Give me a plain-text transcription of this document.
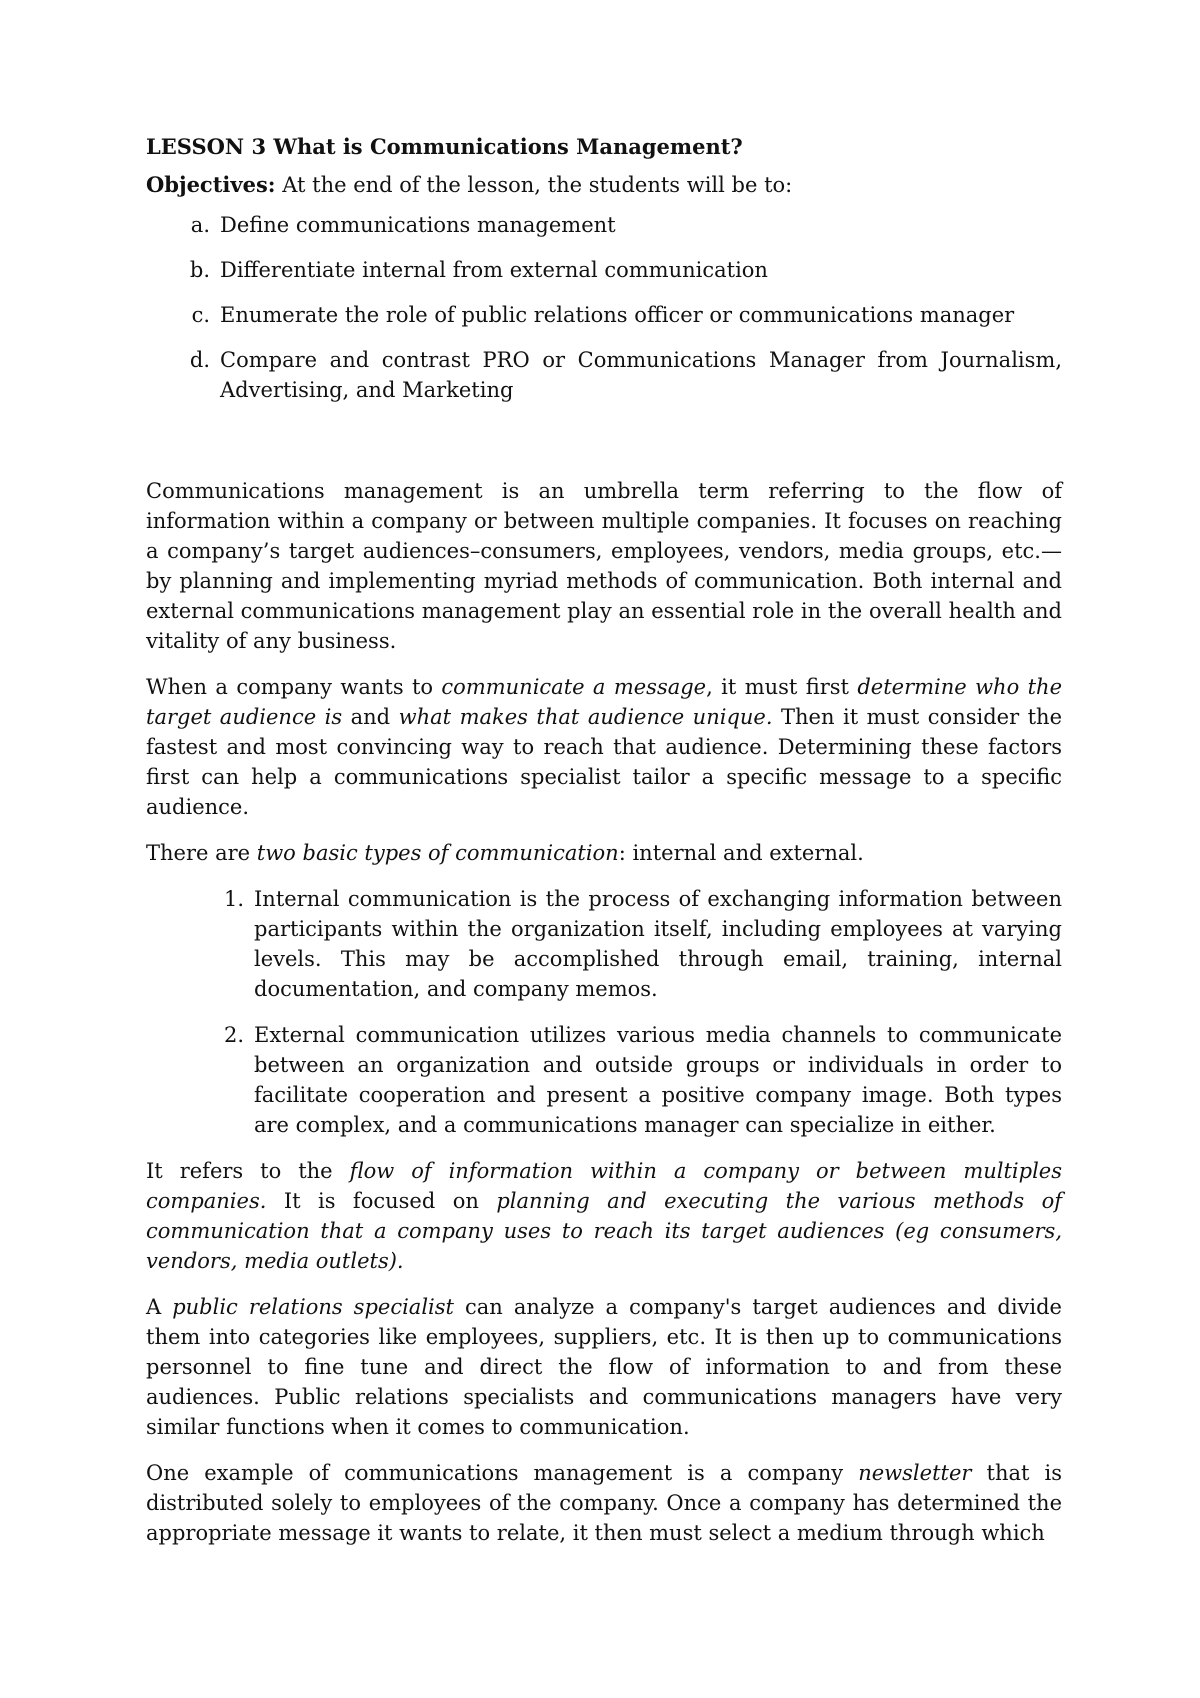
LESSON 3 What is Communications Management?
Objectives: At the end of the lesson, the students will be to:
a. Define communications management
b. Differentiate internal from external communication
c. Enumerate the role of public relations officer or communications manager
d. Compare and contrast PRO or Communications Manager from Journalism, Advertising, and Marketing

Communications management is an umbrella term referring to the flow of information within a company or between multiple companies. It focuses on reaching a company’s target audiences–consumers, employees, vendors, media groups, etc.—by planning and implementing myriad methods of communication. Both internal and external communications management play an essential role in the overall health and vitality of any business.

When a company wants to communicate a message, it must first determine who the target audience is and what makes that audience unique. Then it must consider the fastest and most convincing way to reach that audience. Determining these factors first can help a communications specialist tailor a specific message to a specific audience.

There are two basic types of communication: internal and external.

1. Internal communication is the process of exchanging information between participants within the organization itself, including employees at varying levels. This may be accomplished through email, training, internal documentation, and company memos.
2. External communication utilizes various media channels to communicate between an organization and outside groups or individuals in order to facilitate cooperation and present a positive company image. Both types are complex, and a communications manager can specialize in either.

It refers to the flow of information within a company or between multiples companies. It is focused on planning and executing the various methods of communication that a company uses to reach its target audiences (eg consumers, vendors, media outlets).

A public relations specialist can analyze a company's target audiences and divide them into categories like employees, suppliers, etc. It is then up to communications personnel to fine tune and direct the flow of information to and from these audiences. Public relations specialists and communications managers have very similar functions when it comes to communication.

One example of communications management is a company newsletter that is distributed solely to employees of the company. Once a company has determined the appropriate message it wants to relate, it then must select a medium through which
